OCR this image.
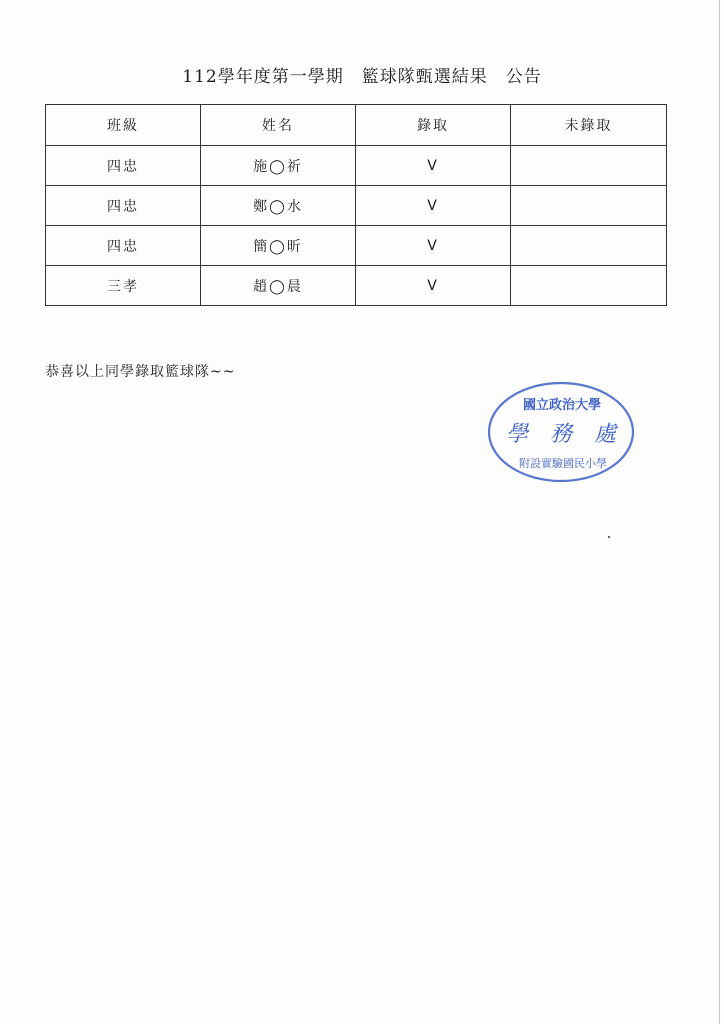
112學年度第一學期　籃球隊甄選結果　公告
班級	姓名	錄取	未錄取
四忠	施◯祈	V	
四忠	鄭◯水	V	
四忠	簡◯昕	V	
三孝	趙◯晨	V	
恭喜以上同學錄取籃球隊~~
國立政治大學
學　務　處
附設實驗國民小學
